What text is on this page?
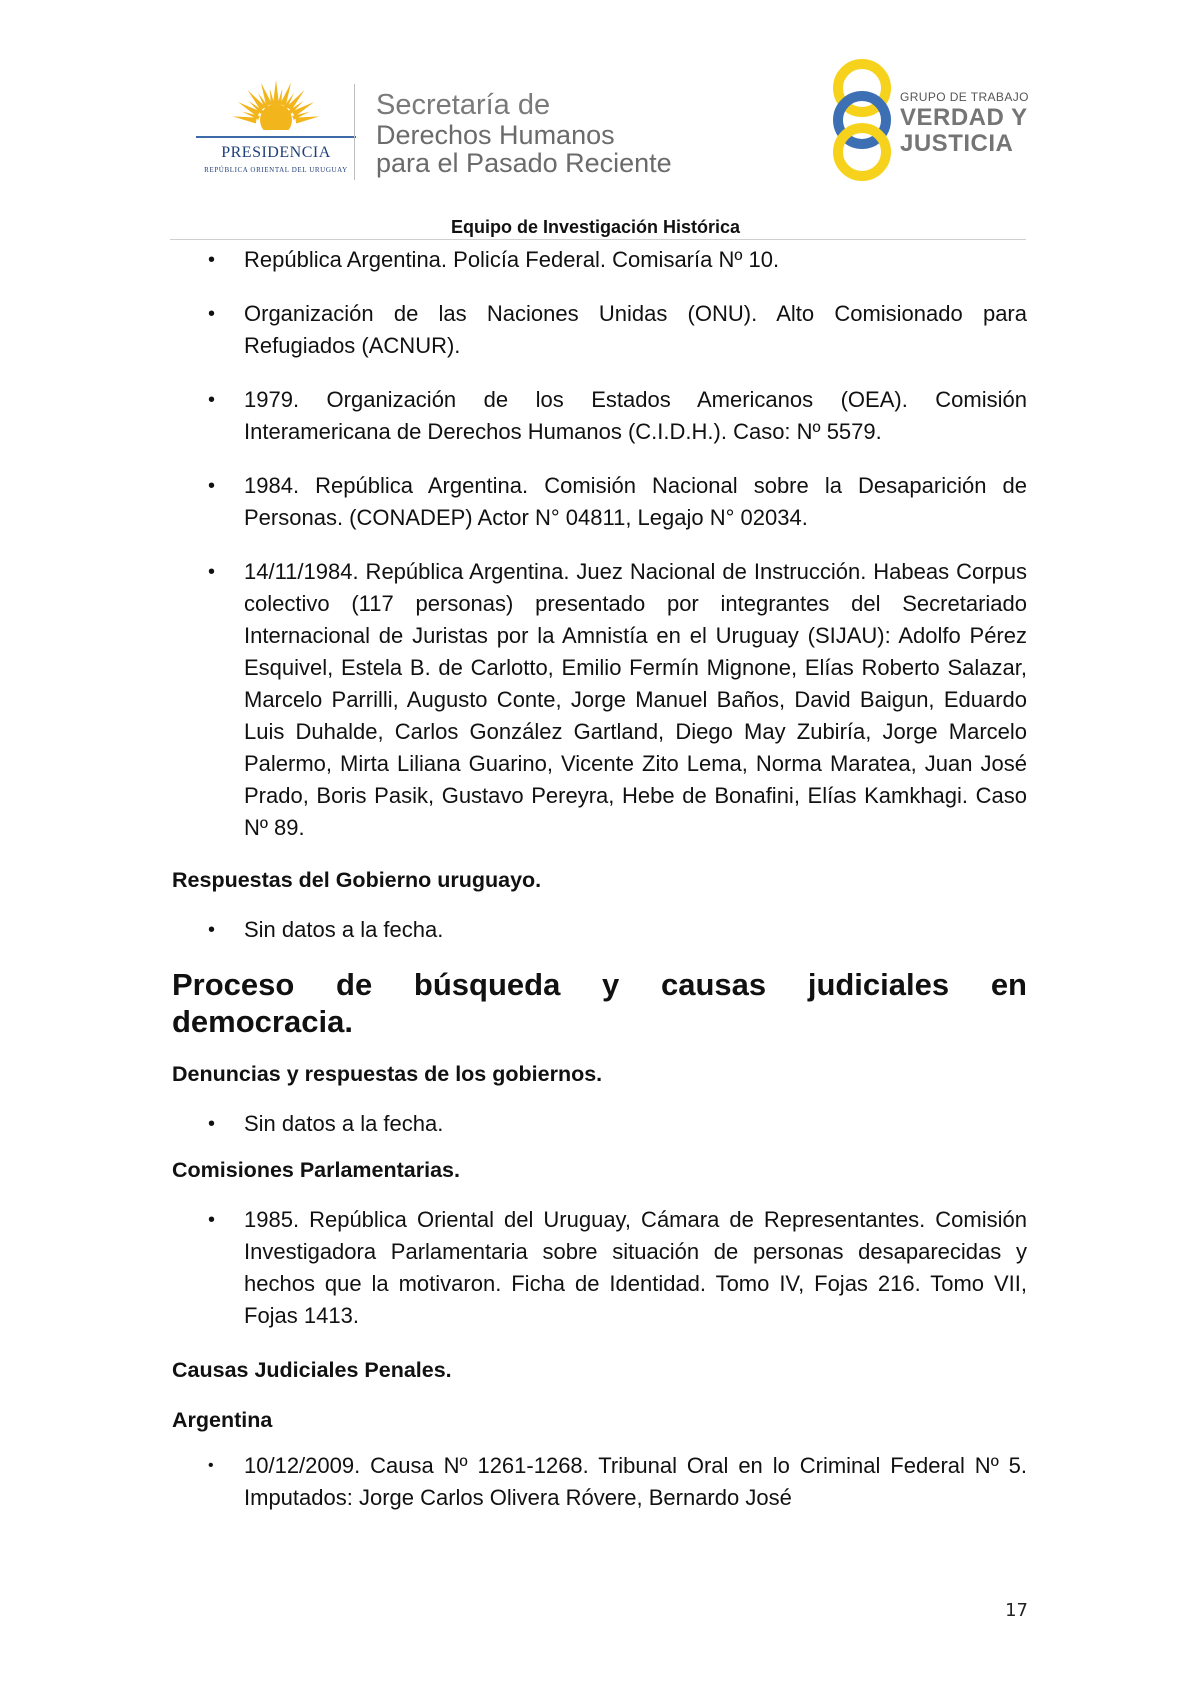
PRESIDENCIA
REPÚBLICA ORIENTAL DEL URUGUAY
Secretaría de
Derechos Humanos
para el Pasado Reciente
GRUPO DE TRABAJO
VERDAD Y
JUSTICIA
Equipo de Investigación Histórica
• República Argentina. Policía Federal. Comisaría Nº 10.
• Organización de las Naciones Unidas (ONU). Alto Comisionado para Refugiados (ACNUR).
• 1979. Organización de los Estados Americanos (OEA). Comisión Interamericana de Derechos Humanos (C.I.D.H.). Caso: Nº 5579.
• 1984. República Argentina. Comisión Nacional sobre la Desaparición de Personas. (CONADEP) Actor N° 04811, Legajo N° 02034.
• 14/11/1984. República Argentina. Juez Nacional de Instrucción. Habeas Corpus colectivo (117 personas) presentado por integrantes del Secretariado Internacional de Juristas por la Amnistía en el Uruguay (SIJAU): Adolfo Pérez Esquivel, Estela B. de Carlotto, Emilio Fermín Mignone, Elías Roberto Salazar, Marcelo Parrilli, Augusto Conte, Jorge Manuel Baños, David Baigun, Eduardo Luis Duhalde, Carlos González Gartland, Diego May Zubiría, Jorge Marcelo Palermo, Mirta Liliana Guarino, Vicente Zito Lema, Norma Maratea, Juan José Prado, Boris Pasik, Gustavo Pereyra, Hebe de Bonafini, Elías Kamkhagi. Caso Nº 89.

Respuestas del Gobierno uruguayo.

• Sin datos a la fecha.

Proceso de búsqueda y causas judiciales en
democracia.

Denuncias y respuestas de los gobiernos.

• Sin datos a la fecha.

Comisiones Parlamentarias.

• 1985. República Oriental del Uruguay, Cámara de Representantes. Comisión Investigadora Parlamentaria sobre situación de personas desaparecidas y hechos que la motivaron. Ficha de Identidad. Tomo IV, Fojas 216. Tomo VII, Fojas 1413.

Causas Judiciales Penales.

Argentina

• 10/12/2009. Causa Nº 1261-1268. Tribunal Oral en lo Criminal Federal Nº 5. Imputados: Jorge Carlos Olivera Róvere, Bernardo José
17
